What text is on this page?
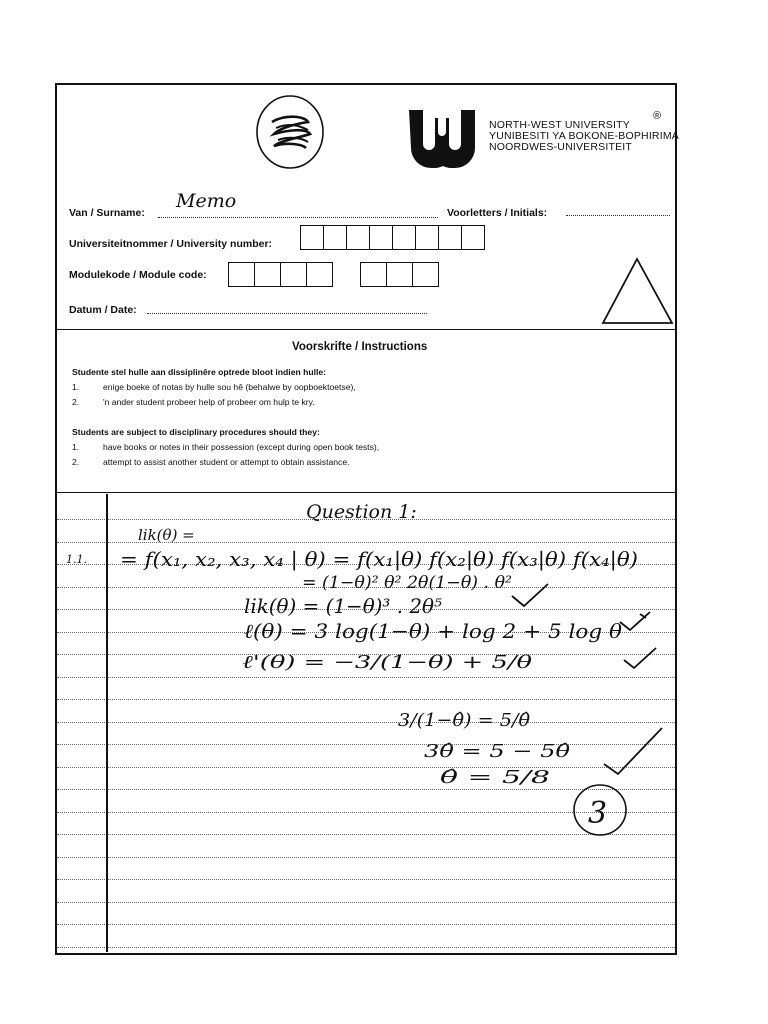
NORTH-WEST UNIVERSITY
YUNIBESITI YA BOKONE-BOPHIRIMA
NOORDWES-UNIVERSITEIT
®
Van / Surname:
Memo
Voorletters / Initials:
Universiteitnommer / University number:
Modulekode / Module code:
Datum / Date:
Voorskrifte / Instructions
Studente stel hulle aan dissiplinêre optrede bloot indien hulle:
1.	enige boeke of notas by hulle sou hê (behalwe by oopboektoetse),
2.	'n ander student probeer help of probeer om hulp te kry.
Students are subject to disciplinary procedures should they:
1.	have books or notes in their possession (except during open book tests),
2.	attempt to assist another student or attempt to obtain assistance.
Question 1:
1.1.
lik(θ) =
= f(x₁, x₂, x₃, x₄ | θ) = f(x₁|θ) f(x₂|θ) f(x₃|θ) f(x₄|θ)
= (1−θ)² θ² 2θ(1−θ) . θ²
lik(θ) = (1−θ)³ . 2θ⁵
ℓ(θ) = 3 log(1−θ) + log 2 + 5 log θ
ℓ'(θ) = −3/(1−θ) + 5/θ
3/(1−θ̂) = 5/θ̂
3θ̂ = 5 − 5θ̂
θ̂ = 5/8
3
